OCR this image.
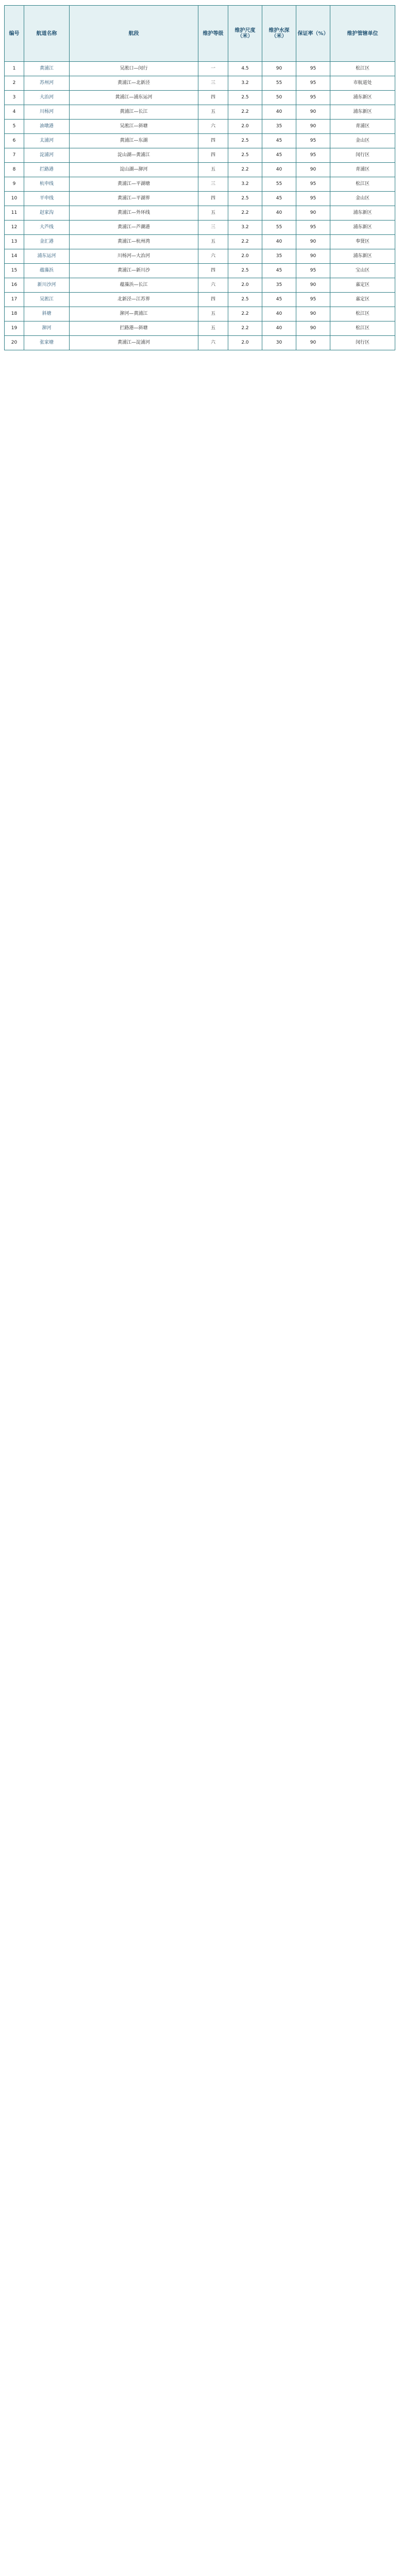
编号	航道名称	航段	维护等级	维护尺度（米）	维护水深（米）	保证率（%）	维护管辖单位
1	黄浦江	吴淞口—闵行	一	4.5	90	95	松江区
2	苏州河	黄浦江—北新泾	三	3.2	55	95	市航道处
3	大治河	黄浦江—浦东运河	四	2.5	50	95	浦东新区
4	川杨河	黄浦江—长江	五	2.2	40	90	浦东新区
5	油墩港	吴淞江—斜塘	六	2.0	35	90	青浦区
6	太浦河	黄浦江—东湖	四	2.5	45	95	金山区
7	淀浦河	淀山湖—黄浦江	四	2.5	45	95	闵行区
8	拦路港	淀山湖—泖河	五	2.2	40	90	青浦区
9	杭申线	黄浦江—平湖塘	三	3.2	55	95	松江区
10	平申线	黄浦江—平湖界	四	2.5	45	95	金山区
11	赵家沟	黄浦江—外环线	五	2.2	40	90	浦东新区
12	大芦线	黄浦江—芦潮港	三	3.2	55	95	浦东新区
13	金汇港	黄浦江—杭州湾	五	2.2	40	90	奉贤区
14	浦东运河	川杨河—大治河	六	2.0	35	90	浦东新区
15	蕴藻浜	黄浦江—新川沙	四	2.5	45	95	宝山区
16	新川沙河	蕴藻浜—长江	六	2.0	35	90	嘉定区
17	吴淞江	北新泾—江苏界	四	2.5	45	95	嘉定区
18	斜塘	泖河—黄浦江	五	2.2	40	90	松江区
19	泖河	拦路港—斜塘	五	2.2	40	90	松江区
20	张家塘	黄浦江—淀浦河	六	2.0	30	90	闵行区
